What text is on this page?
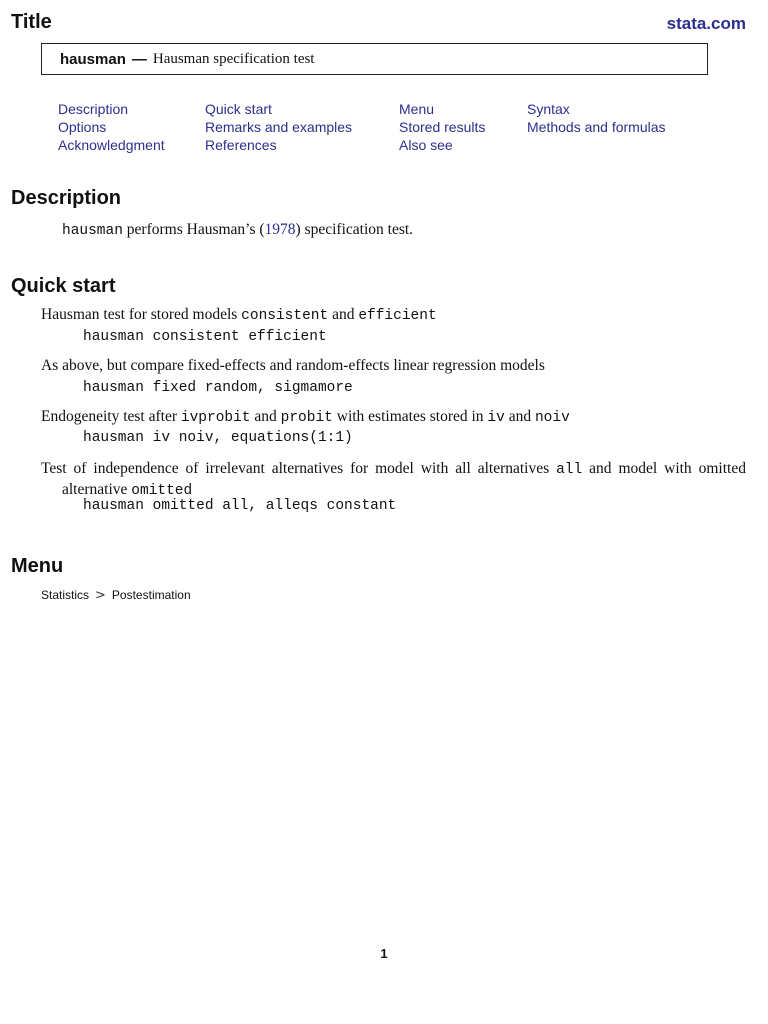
Title	stata.com
hausman — Hausman specification test
Description
Options
Acknowledgment
Quick start
Remarks and examples
References
Menu
Stored results
Also see
Syntax
Methods and formulas
Description
hausman performs Hausman’s (1978) specification test.
Quick start
Hausman test for stored models consistent and efficient
hausman consistent efficient
As above, but compare fixed-effects and random-effects linear regression models
hausman fixed random, sigmamore
Endogeneity test after ivprobit and probit with estimates stored in iv and noiv
hausman iv noiv, equations(1:1)
Test of independence of irrelevant alternatives for model with all alternatives all and model with omitted alternative omitted
hausman omitted all, alleqs constant
Menu
Statistics > Postestimation
1
